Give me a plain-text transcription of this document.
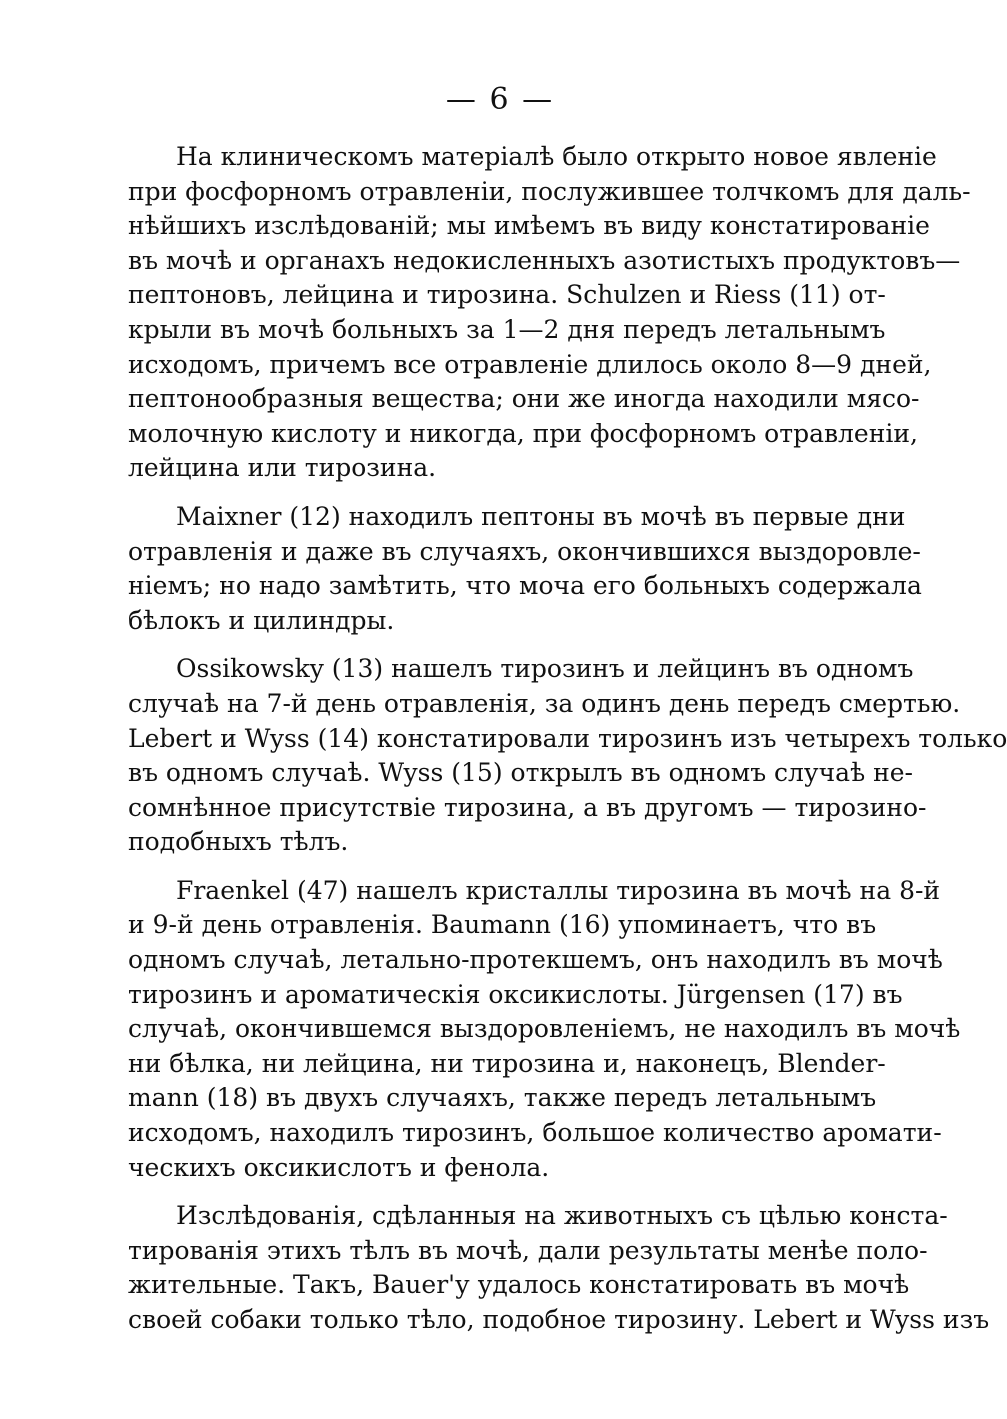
— 6 —
На клиническомъ матеріалѣ было открыто новое явленіе
при фосфорномъ отравленіи, послужившее толчкомъ для даль-
нѣйшихъ изслѣдованій; мы имѣемъ въ виду констатированіе
въ мочѣ и органахъ недокисленныхъ азотистыхъ продуктовъ—
пептоновъ, лейцина и тирозина. Schulzen и Riess (11) от-
крыли въ мочѣ больныхъ за 1—2 дня передъ летальнымъ
исходомъ, причемъ все отравленіе длилось около 8—9 дней,
пептонообразныя вещества; они же иногда находили мясо-
молочную кислоту и никогда, при фосфорномъ отравленіи,
лейцина или тирозина.
Maixner (12) находилъ пептоны въ мочѣ въ первые дни
отравленія и даже въ случаяхъ, окончившихся выздоровле-
ніемъ; но надо замѣтить, что моча его больныхъ содержала
бѣлокъ и цилиндры.
Ossikowsky (13) нашелъ тирозинъ и лейцинъ въ одномъ
случаѣ на 7-й день отравленія, за одинъ день передъ смертью.
Lebert и Wyss (14) констатировали тирозинъ изъ четырехъ только
въ одномъ случаѣ. Wyss (15) открылъ въ одномъ случаѣ не-
сомнѣнное присутствіе тирозина, а въ другомъ — тирозино-
подобныхъ тѣлъ.
Fraenkel (47) нашелъ кристаллы тирозина въ мочѣ на 8-й
и 9-й день отравленія. Baumann (16) упоминаетъ, что въ
одномъ случаѣ, летально-протекшемъ, онъ находилъ въ мочѣ
тирозинъ и ароматическія оксикислоты. Jürgensen (17) въ
случаѣ, окончившемся выздоровленіемъ, не находилъ въ мочѣ
ни бѣлка, ни лейцина, ни тирозина и, наконецъ, Blender-
mann (18) въ двухъ случаяхъ, также передъ летальнымъ
исходомъ, находилъ тирозинъ, большое количество аромати-
ческихъ оксикислотъ и фенола.
Изслѣдованія, сдѣланныя на животныхъ съ цѣлью конста-
тированія этихъ тѣлъ въ мочѣ, дали результаты менѣе поло-
жительные. Такъ, Bauer'у удалось констатировать въ мочѣ
своей собаки только тѣло, подобное тирозину. Lebert и Wyss изъ
